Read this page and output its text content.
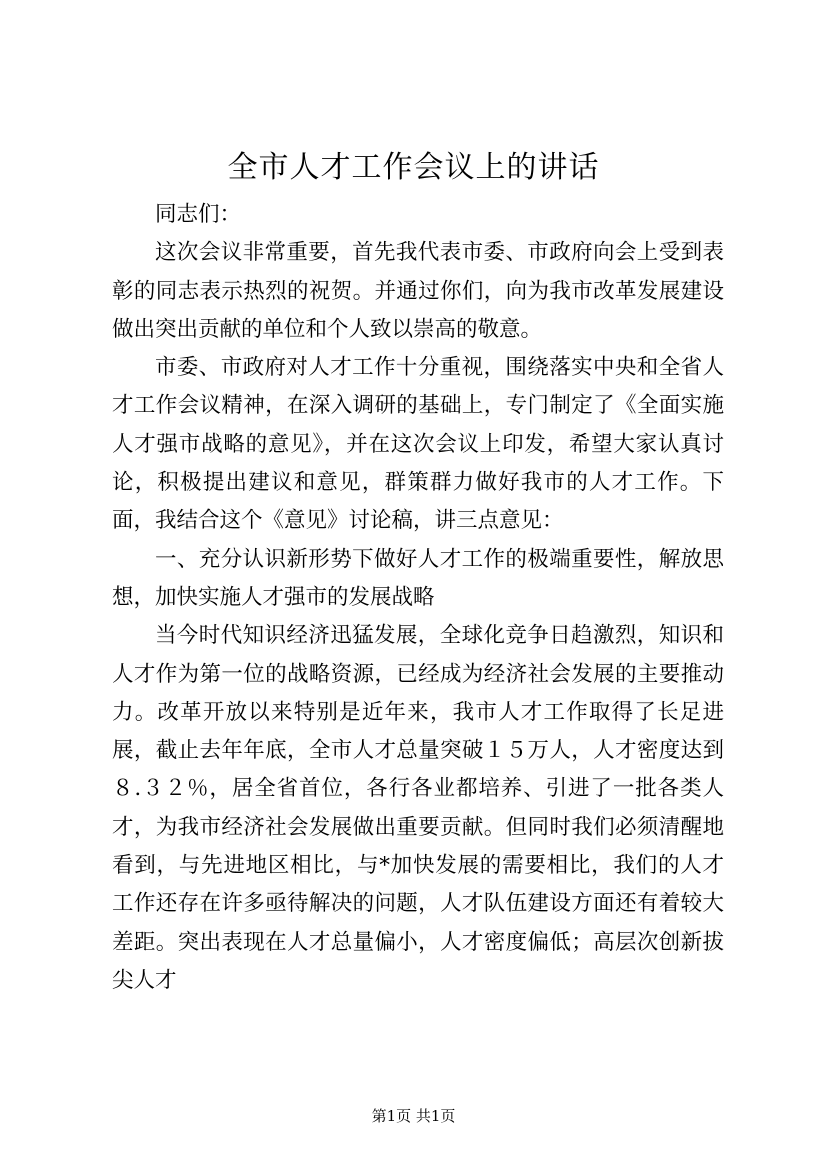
全市人才工作会议上的讲话

同志们：

这次会议非常重要，首先我代表市委、市政府向会上受到表彰的同志表示热烈的祝贺。并通过你们，向为我市改革发展建设做出突出贡献的单位和个人致以崇高的敬意。

市委、市政府对人才工作十分重视，围绕落实中央和全省人才工作会议精神，在深入调研的基础上，专门制定了《全面实施人才强市战略的意见》，并在这次会议上印发，希望大家认真讨论，积极提出建议和意见，群策群力做好我市的人才工作。下面，我结合这个《意见》讨论稿，讲三点意见：

一、充分认识新形势下做好人才工作的极端重要性，解放思想，加快实施人才强市的发展战略

当今时代知识经济迅猛发展，全球化竞争日趋激烈，知识和人才作为第一位的战略资源，已经成为经济社会发展的主要推动力。改革开放以来特别是近年来，我市人才工作取得了长足进展，截止去年年底，全市人才总量突破１５万人，人才密度达到８.３２％，居全省首位，各行各业都培养、引进了一批各类人才，为我市经济社会发展做出重要贡献。但同时我们必须清醒地看到，与先进地区相比，与*加快发展的需要相比，我们的人才工作还存在许多亟待解决的问题，人才队伍建设方面还有着较大差距。突出表现在人才总量偏小，人才密度偏低；高层次创新拔尖人才

第1页 共1页
